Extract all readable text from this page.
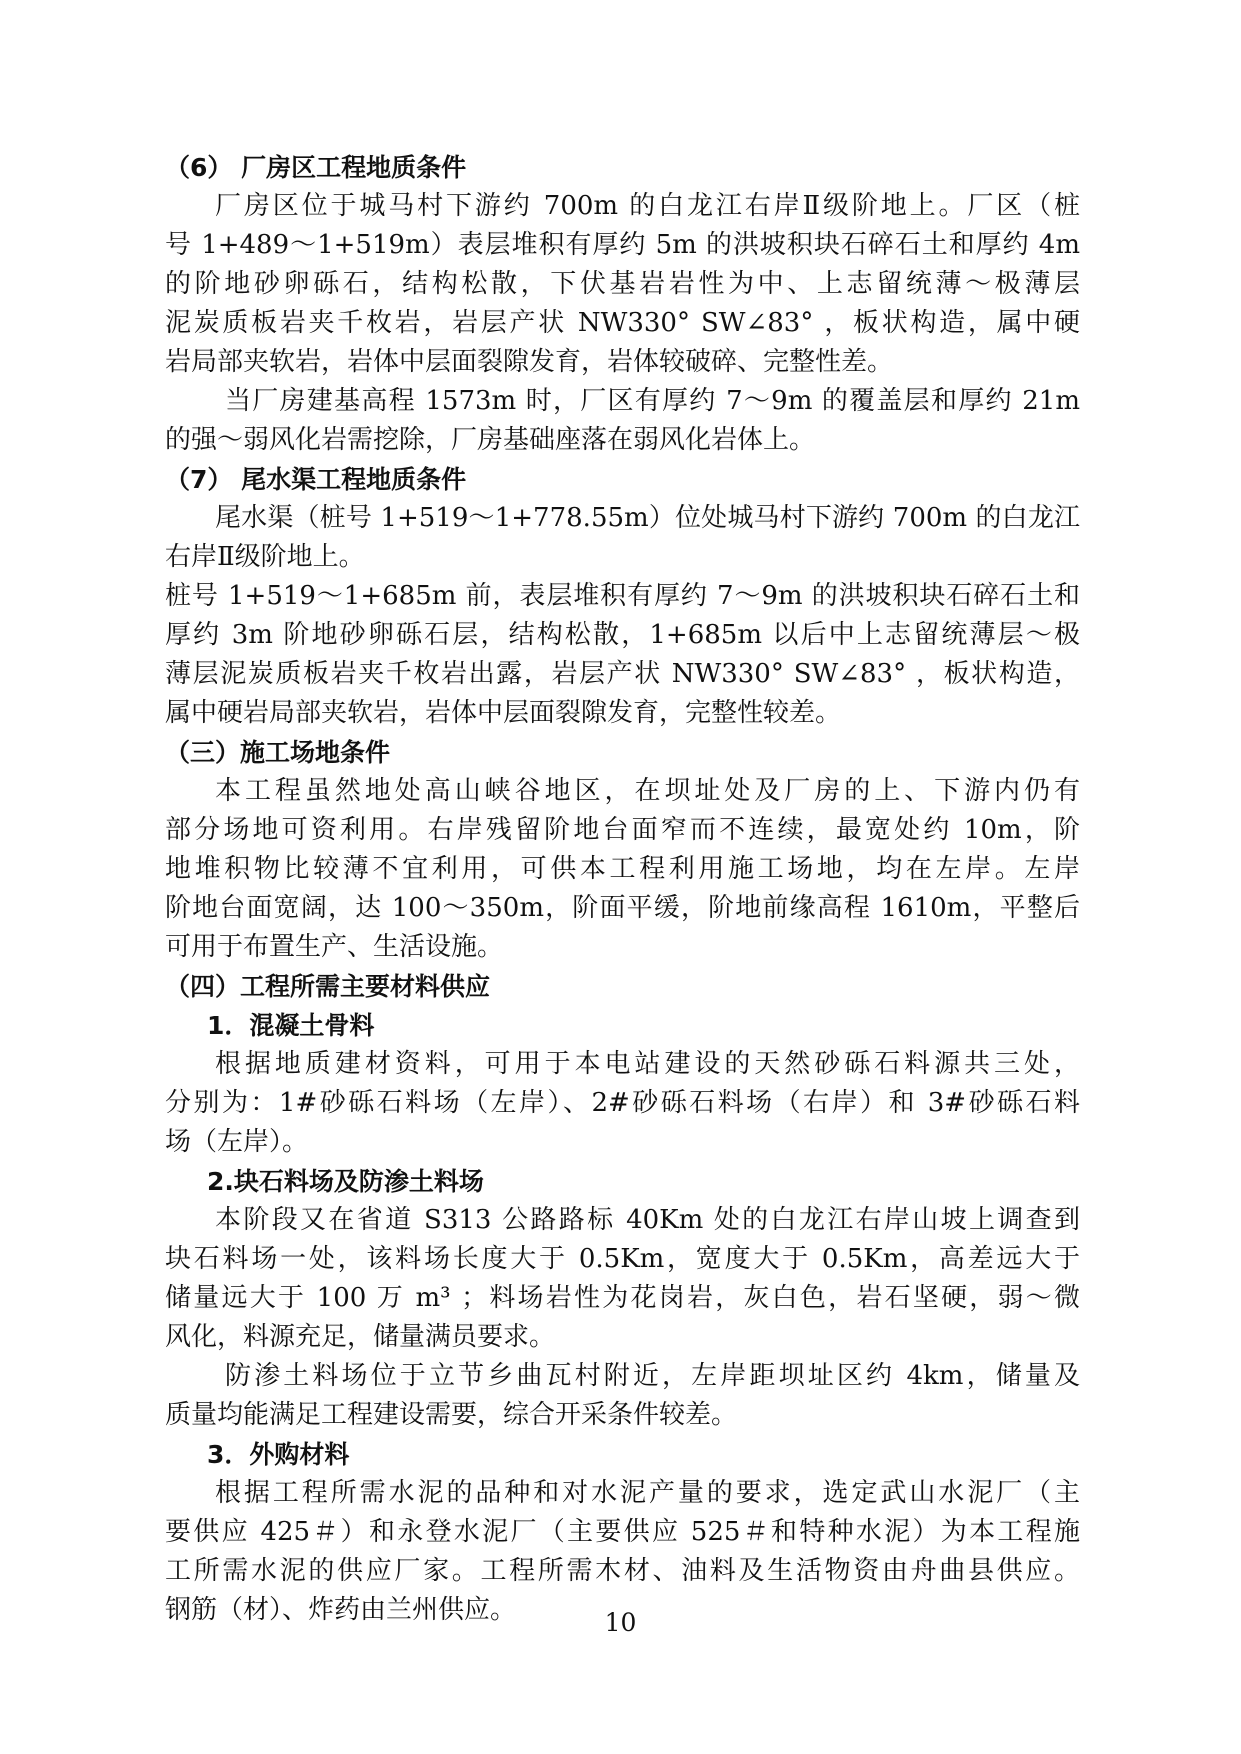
（6） 厂房区工程地质条件
厂房区位于城马村下游约 700m 的白龙江右岸Ⅱ级阶地上。厂区（桩
号 1+489～1+519m）表层堆积有厚约 5m 的洪坡积块石碎石土和厚约 4m
的阶地砂卵砾石，结构松散，下伏基岩岩性为中、上志留统薄～极薄层
泥炭质板岩夹千枚岩，岩层产状 NW330° SW∠83° ，板状构造，属中硬
岩局部夹软岩，岩体中层面裂隙发育，岩体较破碎、完整性差。
当厂房建基高程 1573m 时，厂区有厚约 7～9m 的覆盖层和厚约 21m
的强～弱风化岩需挖除，厂房基础座落在弱风化岩体上。
（7） 尾水渠工程地质条件
尾水渠（桩号 1+519～1+778.55m）位处城马村下游约 700m 的白龙江
右岸Ⅱ级阶地上。
桩号 1+519～1+685m 前，表层堆积有厚约 7～9m 的洪坡积块石碎石土和
厚约 3m 阶地砂卵砾石层，结构松散，1+685m 以后中上志留统薄层～极
薄层泥炭质板岩夹千枚岩出露，岩层产状 NW330° SW∠83° ，板状构造，
属中硬岩局部夹软岩，岩体中层面裂隙发育，完整性较差。
（三）施工场地条件
本工程虽然地处高山峡谷地区，在坝址处及厂房的上、下游内仍有
部分场地可资利用。右岸残留阶地台面窄而不连续，最宽处约 10m，阶
地堆积物比较薄不宜利用，可供本工程利用施工场地，均在左岸。左岸
阶地台面宽阔，达 100～350m，阶面平缓，阶地前缘高程 1610m，平整后
可用于布置生产、生活设施。
（四）工程所需主要材料供应
1．混凝土骨料
根据地质建材资料，可用于本电站建设的天然砂砾石料源共三处，
分别为：1#砂砾石料场（左岸）、2#砂砾石料场（右岸）和 3#砂砾石料
场（左岸）。
2.块石料场及防渗土料场
本阶段又在省道 S313 公路路标 40Km 处的白龙江右岸山坡上调查到
块石料场一处，该料场长度大于 0.5Km，宽度大于 0.5Km，高差远大于
储量远大于 100 万 m³ ；料场岩性为花岗岩，灰白色，岩石坚硬，弱～微
风化，料源充足，储量满员要求。
防渗土料场位于立节乡曲瓦村附近，左岸距坝址区约 4km，储量及
质量均能满足工程建设需要，综合开采条件较差。
3．外购材料
根据工程所需水泥的品种和对水泥产量的要求，选定武山水泥厂（主
要供应 425＃）和永登水泥厂（主要供应 525＃和特种水泥）为本工程施
工所需水泥的供应厂家。工程所需木材、油料及生活物资由舟曲县供应。
钢筋（材）、炸药由兰州供应。	10
